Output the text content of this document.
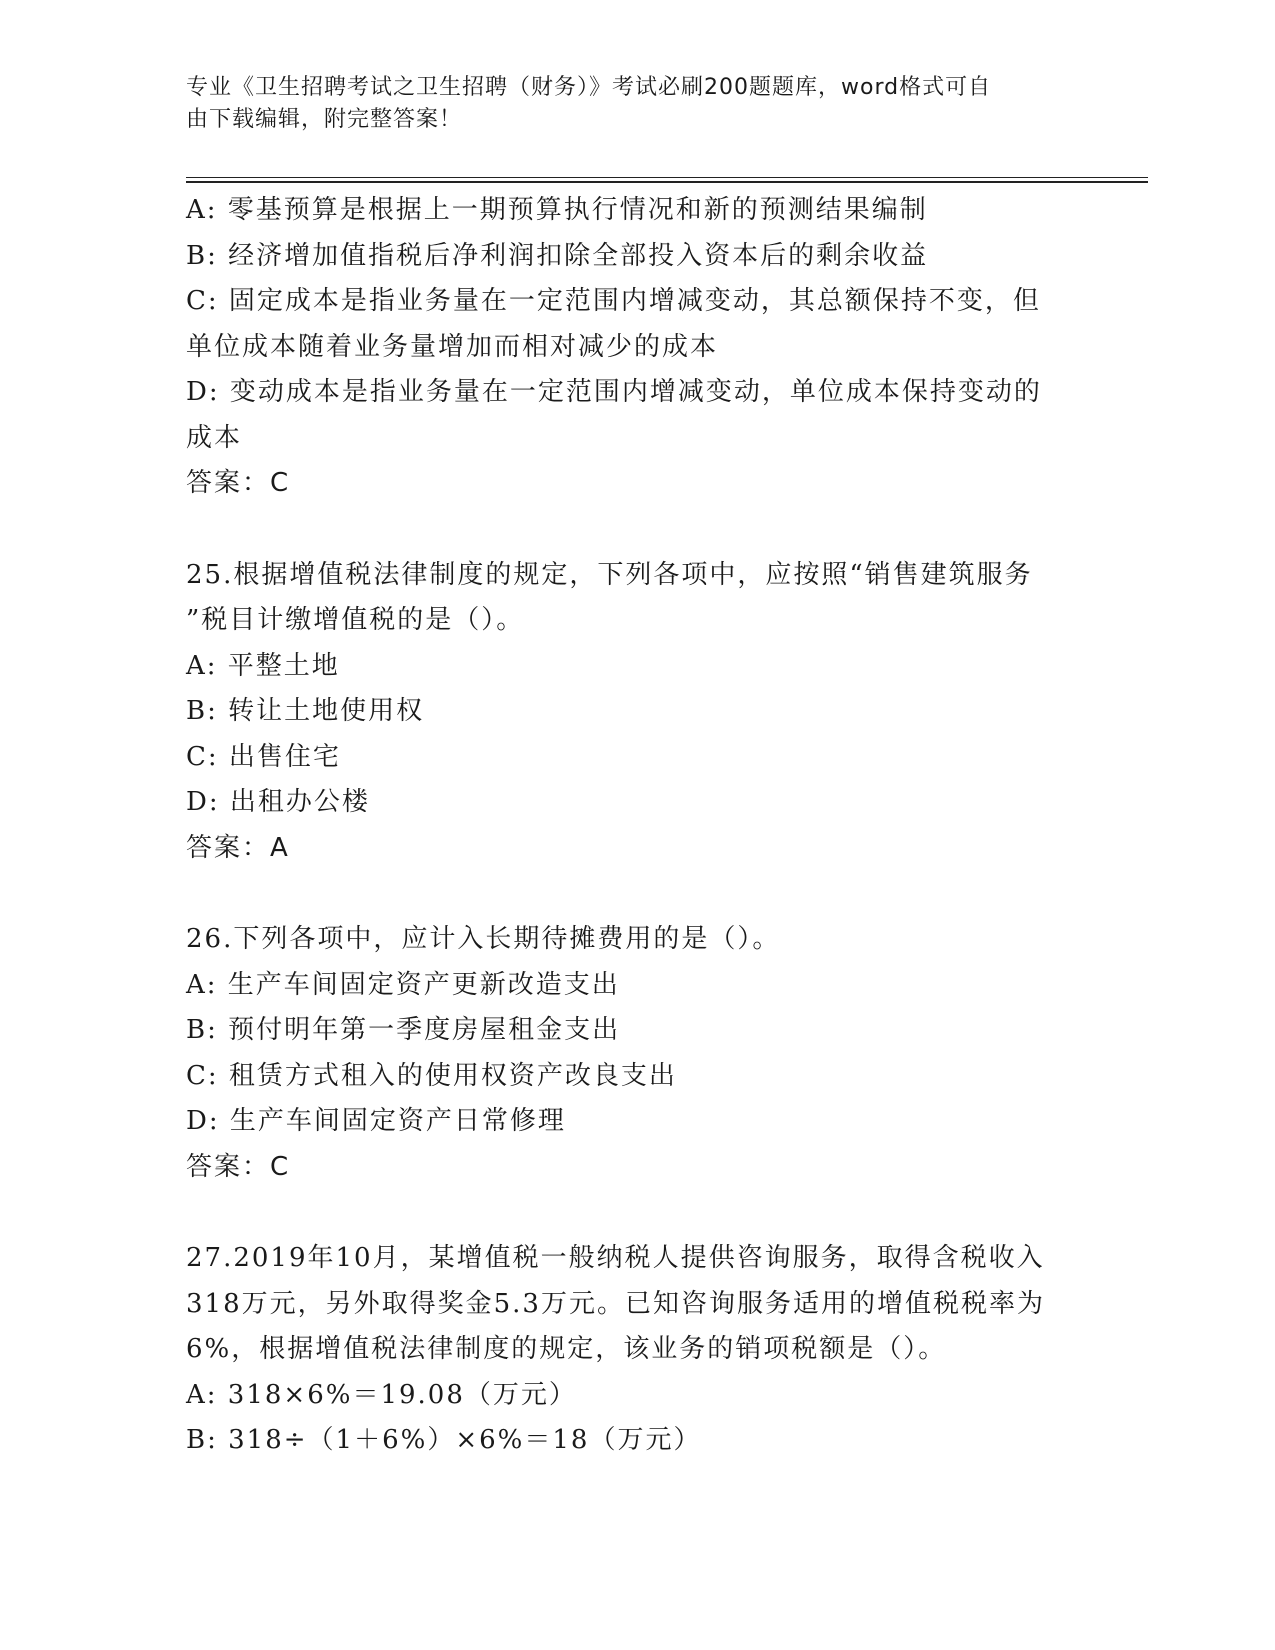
专业《卫生招聘考试之卫生招聘（财务）》考试必刷200题题库，word格式可自
由下载编辑，附完整答案！
A: 零基预算是根据上一期预算执行情况和新的预测结果编制
B: 经济增加值指税后净利润扣除全部投入资本后的剩余收益
C: 固定成本是指业务量在一定范围内增减变动，其总额保持不变，但
单位成本随着业务量增加而相对减少的成本
D: 变动成本是指业务量在一定范围内增减变动，单位成本保持变动的
成本
答案：C
25.根据增值税法律制度的规定，下列各项中，应按照“销售建筑服务
”税目计缴增值税的是（）。
A: 平整土地
B: 转让土地使用权
C: 出售住宅
D: 出租办公楼
答案：A
26.下列各项中，应计入长期待摊费用的是（）。
A: 生产车间固定资产更新改造支出
B: 预付明年第一季度房屋租金支出
C: 租赁方式租入的使用权资产改良支出
D: 生产车间固定资产日常修理
答案：C
27.2019年10月，某增值税一般纳税人提供咨询服务，取得含税收入
318万元，另外取得奖金5.3万元。已知咨询服务适用的增值税税率为
6%，根据增值税法律制度的规定，该业务的销项税额是（）。
A: 318×6%＝19.08（万元）
B: 318÷（1＋6%）×6%＝18（万元）
